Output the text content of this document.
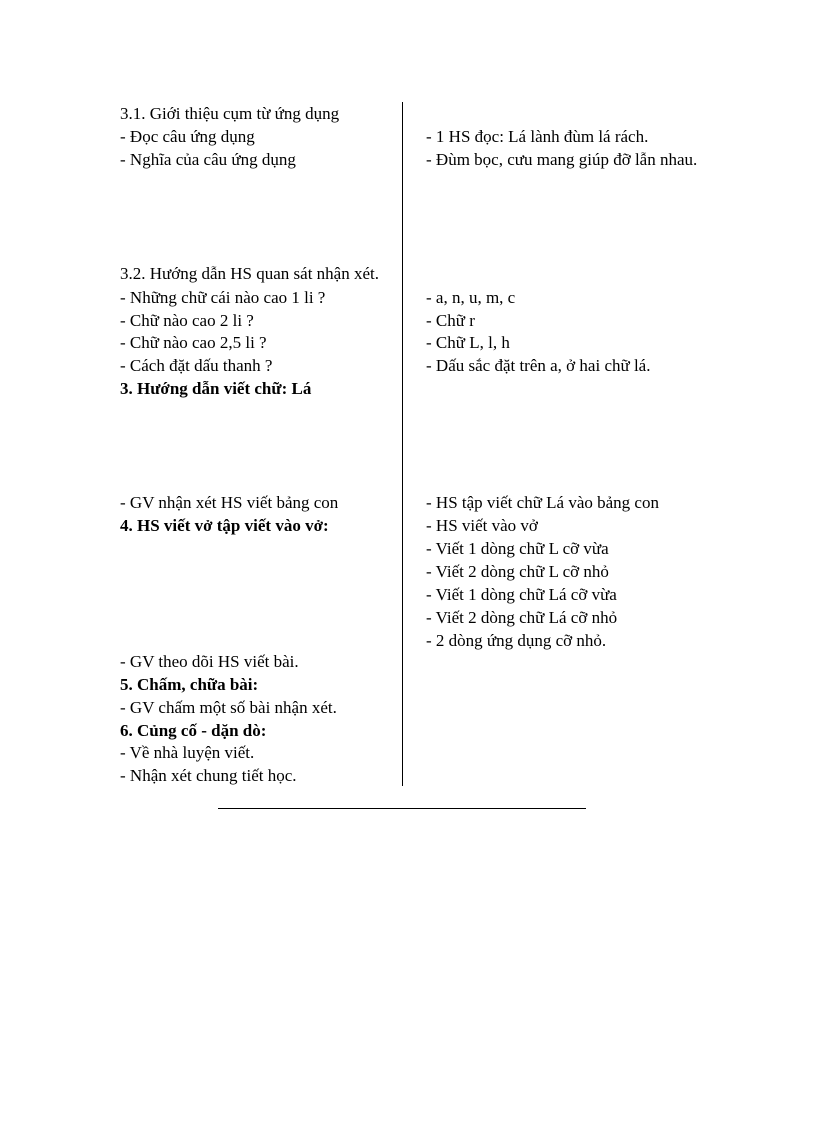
3.1. Giới thiệu cụm từ ứng dụng
- Đọc câu ứng dụng
- Nghĩa của câu ứng dụng
3.2. Hướng dẫn HS quan sát nhận xét.
- Những chữ cái nào cao 1 li ?
- Chữ nào cao 2 li ?
- Chữ nào cao 2,5 li ?
- Cách đặt dấu thanh ?
3. Hướng dẫn viết chữ: Lá
- GV nhận xét HS viết bảng con
4. HS viết vở tập viết vào vở:
- GV theo dõi HS viết bài.
5. Chấm, chữa bài:
- GV chấm một số bài nhận xét.
6. Củng cố - dặn dò:
- Về nhà luyện viết.
- Nhận xét chung tiết học.
- 1 HS đọc: Lá lành đùm lá rách.
- Đùm bọc, cưu mang giúp đỡ lẫn nhau.
- a, n, u, m, c
- Chữ r
- Chữ L, l, h
- Dấu sắc đặt trên a, ở hai chữ lá.
- HS tập viết chữ Lá vào bảng con
- HS viết vào vở
- Viết 1 dòng chữ L cỡ vừa
- Viết 2 dòng chữ L cỡ nhỏ
- Viết 1 dòng chữ Lá cỡ vừa
- Viết 2 dòng chữ Lá cỡ nhỏ
- 2 dòng ứng dụng cỡ nhỏ.
